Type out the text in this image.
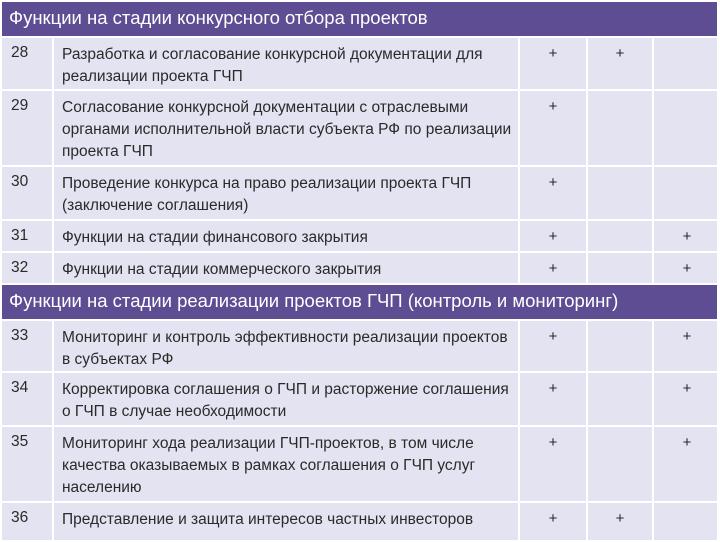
Функции на стадии конкурсного отбора проектов				
28	Разработка и согласование конкурсной документации для реализации проекта ГЧП	+	+	
29	Согласование конкурсной документации с отраслевыми органами исполнительной власти субъекта РФ по реализации проекта ГЧП	+		
30	Проведение конкурса на право реализации проекта ГЧП (заключение соглашения)	+		
31	Функции на стадии финансового закрытия	+		+
32	Функции на стадии коммерческого закрытия	+		+
Функции на стадии реализации проектов ГЧП (контроль и мониторинг)				
33	Мониторинг и контроль эффективности реализации проектов в субъектах РФ	+		+
34	Корректировка соглашения о ГЧП и расторжение соглашения о ГЧП в случае необходимости	+		+
35	Мониторинг хода реализации ГЧП-проектов, в том числе качества оказываемых в рамках соглашения о ГЧП услуг населению	+		+
36	Представление и защита интересов частных инвесторов	+	+	
